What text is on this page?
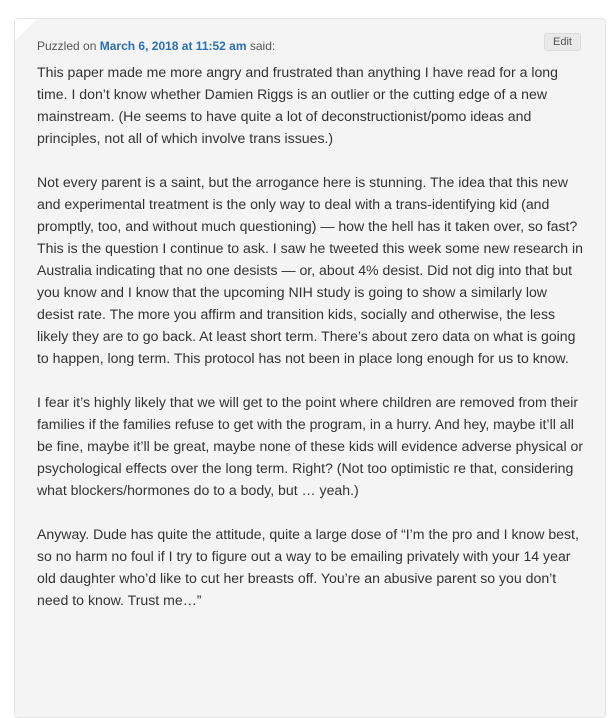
Puzzled on March 6, 2018 at 11:52 am said:	Edit

This paper made me more angry and frustrated than anything I have read for a long time. I don’t know whether Damien Riggs is an outlier or the cutting edge of a new mainstream. (He seems to have quite a lot of deconstructionist/pomo ideas and principles, not all of which involve trans issues.)

Not every parent is a saint, but the arrogance here is stunning. The idea that this new and experimental treatment is the only way to deal with a trans-identifying kid (and promptly, too, and without much questioning) — how the hell has it taken over, so fast? This is the question I continue to ask. I saw he tweeted this week some new research in Australia indicating that no one desists — or, about 4% desist. Did not dig into that but you know and I know that the upcoming NIH study is going to show a similarly low desist rate. The more you affirm and transition kids, socially and otherwise, the less likely they are to go back. At least short term. There’s about zero data on what is going to happen, long term. This protocol has not been in place long enough for us to know.

I fear it’s highly likely that we will get to the point where children are removed from their families if the families refuse to get with the program, in a hurry. And hey, maybe it’ll all be fine, maybe it’ll be great, maybe none of these kids will evidence adverse physical or psychological effects over the long term. Right? (Not too optimistic re that, considering what blockers/hormones do to a body, but … yeah.)

Anyway. Dude has quite the attitude, quite a large dose of “I’m the pro and I know best, so no harm no foul if I try to figure out a way to be emailing privately with your 14 year old daughter who’d like to cut her breasts off. You’re an abusive parent so you don’t need to know. Trust me…”
